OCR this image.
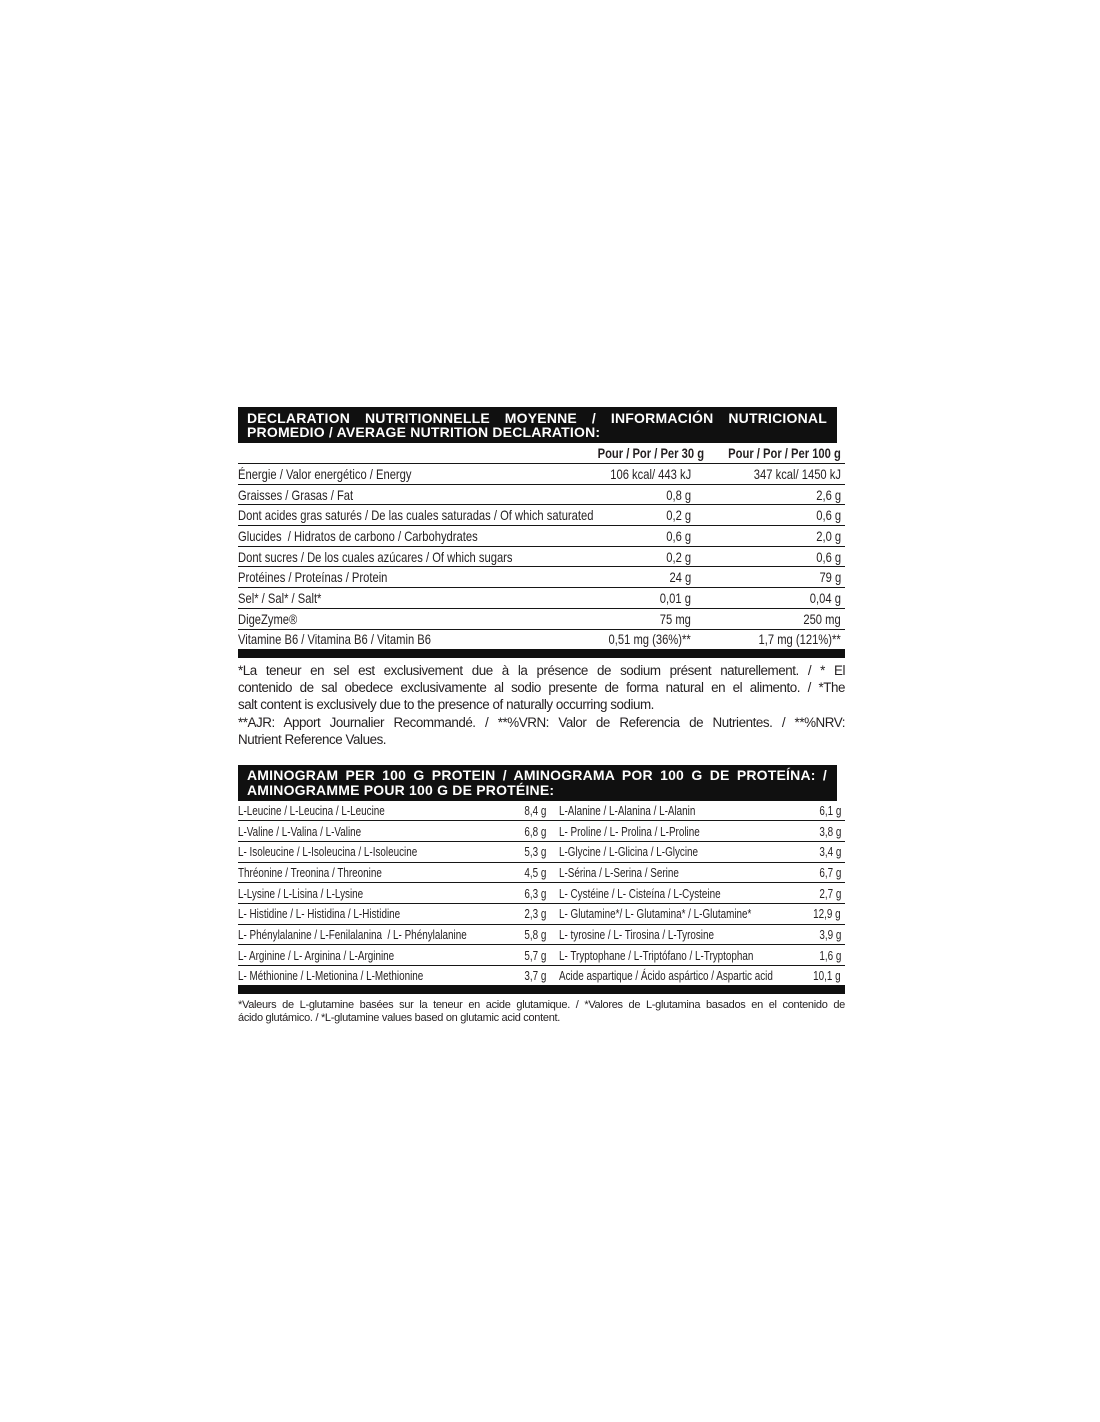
DECLARATION NUTRITIONNELLE MOYENNE / INFORMACIÓN NUTRICIONAL
PROMEDIO / AVERAGE NUTRITION DECLARATION:
Pour / Por / Per 30 g	Pour / Por / Per 100 g
Énergie / Valor energético / Energy	106 kcal/ 443 kJ	347 kcal/ 1450 kJ
Graisses / Grasas / Fat	0,8 g	2,6 g
Dont acides gras saturés / De las cuales saturadas / Of which saturated	0,2 g	0,6 g
Glucides  / Hidratos de carbono / Carbohydrates	0,6 g	2,0 g
Dont sucres / De los cuales azúcares / Of which sugars	0,2 g	0,6 g
Protéines / Proteínas / Protein	24 g	79 g
Sel* / Sal* / Salt*	0,01 g	0,04 g
DigeZyme®	75 mg	250 mg
Vitamine B6 / Vitamina B6 / Vitamin B6	0,51 mg (36%)**	1,7 mg (121%)**
*La teneur en sel est exclusivement due à la présence de sodium présent naturellement. / * El
contenido de sal obedece exclusivamente al sodio presente de forma natural en el alimento. / *The
salt content is exclusively due to the presence of naturally occurring sodium.
**AJR: Apport Journalier Recommandé. / **%VRN: Valor de Referencia de Nutrientes. / **%NRV:
Nutrient Reference Values.
AMINOGRAM PER 100 G PROTEIN / AMINOGRAMA POR 100 G DE PROTEÍNA: /
AMINOGRAMME POUR 100 G DE PROTÉINE:
L-Leucine / L-Leucina / L-Leucine	8,4 g L-Alanine / L-Alanina / L-Alanin	6,1 g
L-Valine / L-Valina / L-Valine	6,8 g L- Proline / L- Prolina / L-Proline	3,8 g
L- Isoleucine / L-Isoleucina / L-Isoleucine	5,3 g L-Glycine / L-Glicina / L-Glycine	3,4 g
Thréonine / Treonina / Threonine	4,5 g L-Sérina / L-Serina / Serine	6,7 g
L-Lysine / L-Lisina / L-Lysine	6,3 g L- Cystéine / L- Cisteína / L-Cysteine	2,7 g
L- Histidine / L- Histidina / L-Histidine	2,3 g L- Glutamine*/ L- Glutamina* / L-Glutamine*	12,9 g
L- Phénylalanine / L-Fenilalanina  / L- Phénylalanine	5,8 g L- tyrosine / L- Tirosina / L-Tyrosine	3,9 g
L- Arginine / L- Arginina / L-Arginine	5,7 g L- Tryptophane / L-Triptófano / L-Tryptophan	1,6 g
L- Méthionine / L-Metionina / L-Methionine	3,7 g Acide aspartique / Ácido aspártico / Aspartic acid	10,1 g
*Valeurs de L-glutamine basées sur la teneur en acide glutamique. / *Valores de L-glutamina basados en el contenido de
ácido glutámico. / *L-glutamine values based on glutamic acid content.
